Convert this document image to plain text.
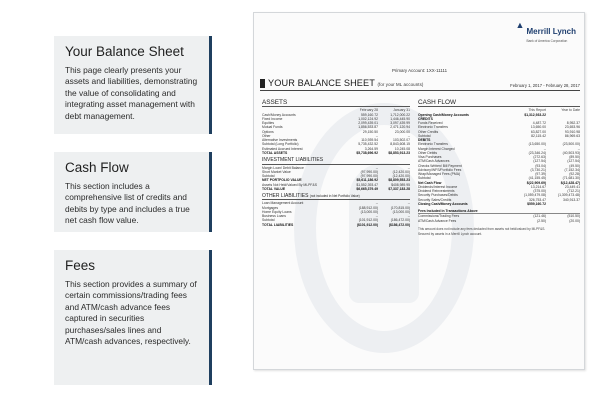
Your Balance Sheet

This page clearly presents your assets and liabilities, demonstrating the value of consolidating and integrating asset management with debt management.

Cash Flow

This section includes a comprehensive list of credits and debits by type and includes a true net cash flow value.

Fees

This section provides a summary of certain commissions/trading fees and ATM/cash advance fees captured in securities purchases/sales lines and ATM/cash advances, respectively.

▲
Merrill Lynch
Bank of America Corporation
Primary Account: 1XX-11111
YOUR BALANCE SHEET (for your ML accounts)	February 1, 2017 - February 28, 2017
ASSETS
February 28	January 31
Cash/Money Accounts	559,160.72	1,712,000.22
Fixed Income	1,002,124.92	1,446,445.90
Equities	2,099,439.01	3,097,439.99
Mutual Funds	1,856,533.87	2,471,120.94
Options	29,150.50	23,000.00
Other	--	--
Alternative Investments	110,939.54	103,502.07
Subtotal (Long Portfolio)	5,735,432.52	8,843,608.15
Estimated Accrued Interest	3,264.59	10,245.08
TOTAL ASSETS	$5,738,696.92	$8,853,913.23
INVESTMENT LIABILITIES
Margin Loan/ Debit Balance	--	--
Short Market Value	(97,990.00)	(12,420.00)
Subtotal	(97,990.00)	(12,420.00)
NET PORTFOLIO VALUE	$5,611,186.92	$8,809,553.23
Assets Not Held/Valued By MLPF&S	$1,552,393.47	$408,989.95
TOTAL VALUE	$6,665,379.49	$7,337,183.28
OTHER LIABILITIES (not included in Net Portfolio Value)
Loan Management Account	--	--
Mortgages	(188,912.00)	(170,815.00)
Home Equity Loans	(13,000.00)	(13,000.00)
Business Loans	--	--
Subtotal	(101,912.00)	(186,472.00)
TOTAL LIABILITIES	($101,912.00)	($186,472.00)
CASH FLOW
This Report	Year to Date
Opening Cash/Money Accounts	$1,312,933.22
CREDITS
Funds Received	4,487.72	8,952.37
Electronic Transfers	13,650.00	23,653.96
Other Credits	63,827.00	93,910.98
Subtotal	82,115.42	86,969.63
DEBITS
Electronic Transfers	(13,650.00)	(23,500.00)
Margin Interest Charged	--	--
Other Debits	(23,346.24)	(40,503.93)
Visa Purchases	(272.63)	(89.50)
ATM/Cash Advances	(127.54)	(127.54)
Checks Written/ Bill Payment	(93.04)	(49.50)
Advisory/WFS/Portfolio Fees	(3,730.21)	(7,152.34)
Wrap/Managed Fees (PMA)	(97.39)	(92.28)
Subtotal	(41,155.45)	(71,681.30)
Net Cash Flow	$(22,909.69)	$(12,428.47)
Dividends/Interest Income	13,214.67	23,449.41
Dividend Reinvestments	(375.00)	(712.21)
Security Purchases/Debits	(1,059,479.08)	(1,309,473.48)
Security Sales/Credits	326,753.47	340,913.37
Closing Cash/Money Accounts	$559,160.72
Fees Included in Transactions Above
Commissions/Trading Fees	(121.46)	(510.50)
ATM/Cash Advance Fees	(2.50)	(20.00)
This amount does not include any fees deducted from assets not held/valued by MLPF&S.
Secured by assets in a Merrill Lynch account.
